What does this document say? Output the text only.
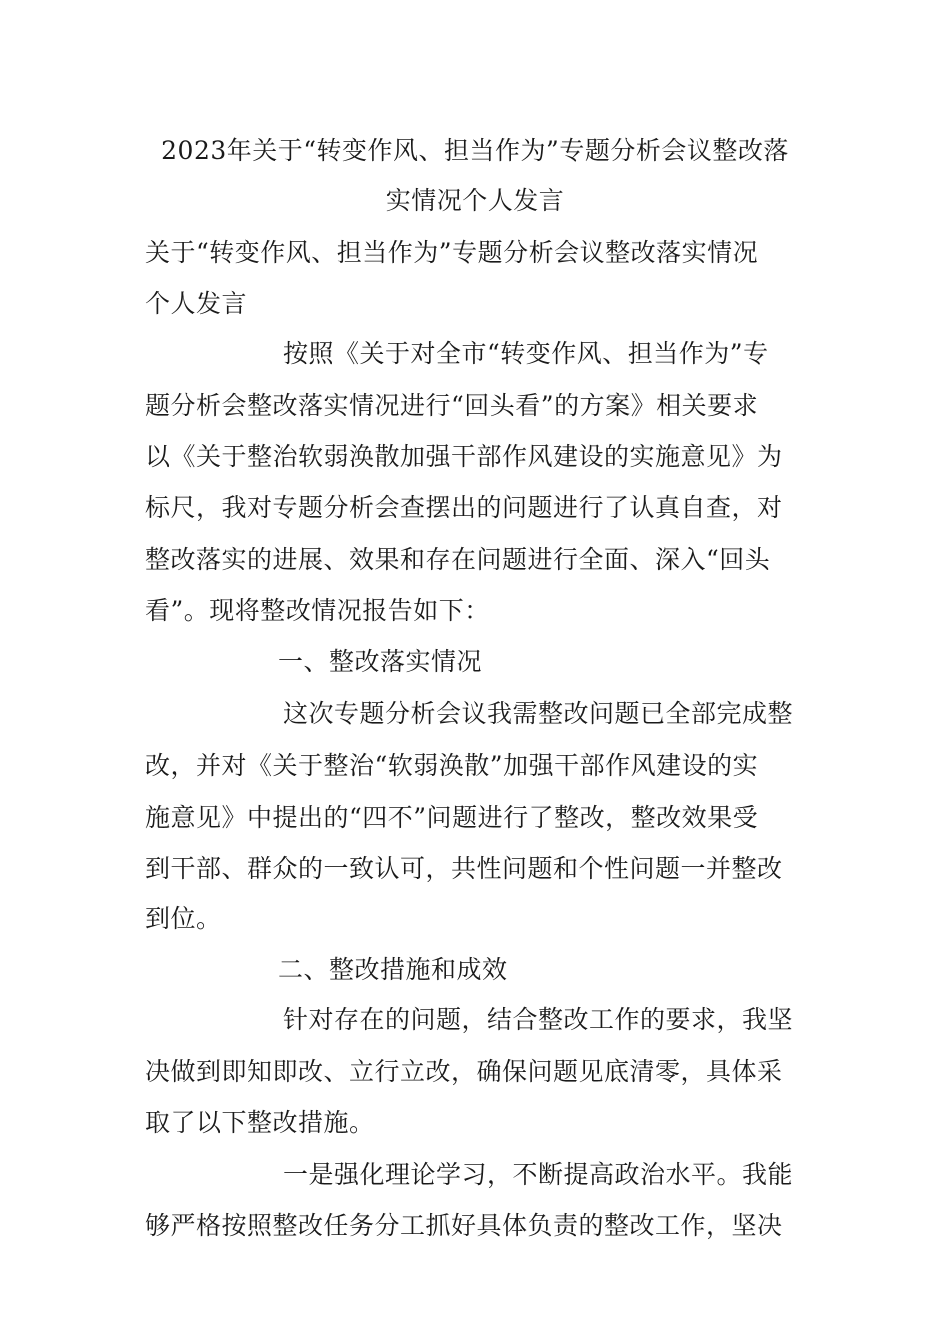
2023年关于“转变作风、担当作为”专题分析会议整改落
实情况个人发言
关于“转变作风、担当作为”专题分析会议整改落实情况
个人发言
按照《关于对全市“转变作风、担当作为”专
题分析会整改落实情况进行“回头看”的方案》相关要求
以《关于整治软弱涣散加强干部作风建设的实施意见》为
标尺，我对专题分析会查摆出的问题进行了认真自查，对
整改落实的进展、效果和存在问题进行全面、深入“回头
看”。现将整改情况报告如下：
一、整改落实情况
这次专题分析会议我需整改问题已全部完成整
改，并对《关于整治“软弱涣散”加强干部作风建设的实
施意见》中提出的“四不”问题进行了整改，整改效果受
到干部、群众的一致认可，共性问题和个性问题一并整改
到位。
二、整改措施和成效
针对存在的问题，结合整改工作的要求，我坚
决做到即知即改、立行立改，确保问题见底清零，具体采
取了以下整改措施。
一是强化理论学习，不断提高政治水平。我能
够严格按照整改任务分工抓好具体负责的整改工作，坚决
